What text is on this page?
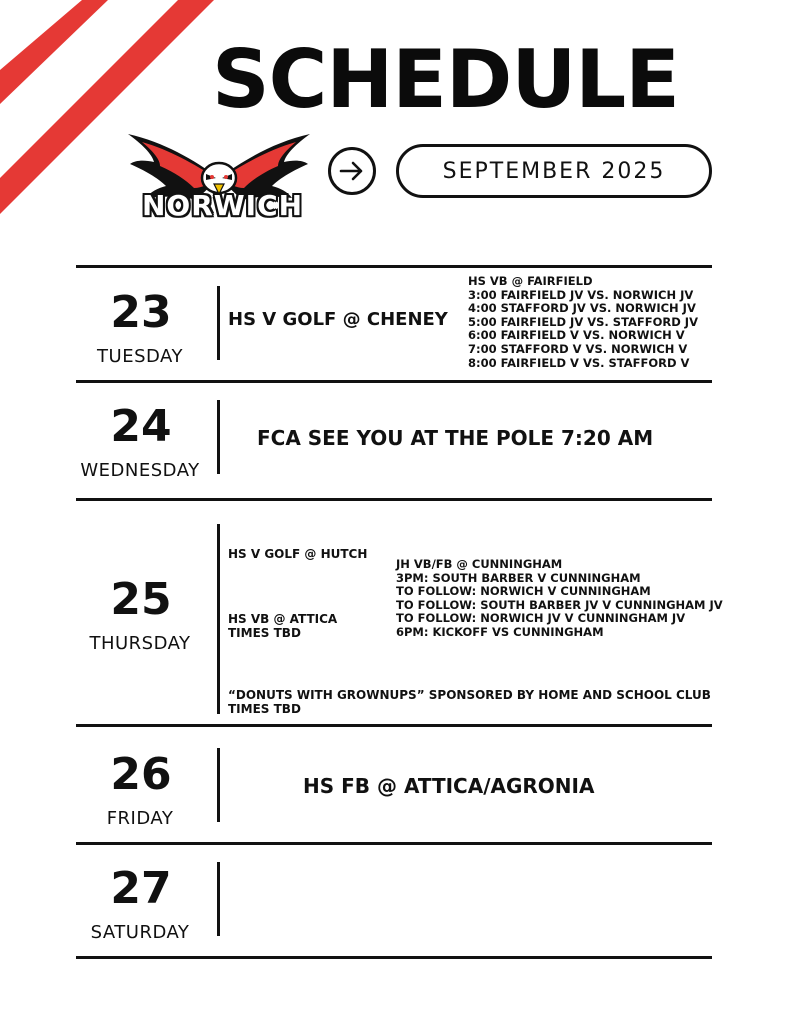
SCHEDULE
NORWICH
SEPTEMBER 2025
23
TUESDAY
HS V GOLF @ CHENEY
HS VB @ FAIRFIELD
3:00 FAIRFIELD JV VS. NORWICH JV
4:00 STAFFORD JV VS. NORWICH JV
5:00 FAIRFIELD JV VS. STAFFORD JV
6:00 FAIRFIELD V VS. NORWICH V
7:00 STAFFORD V VS. NORWICH V
8:00 FAIRFIELD V VS. STAFFORD V
24
WEDNESDAY
FCA SEE YOU AT THE POLE 7:20 AM
25
THURSDAY
HS V GOLF @ HUTCH
HS VB @ ATTICA
TIMES TBD
JH VB/FB @ CUNNINGHAM
3PM: SOUTH BARBER V CUNNINGHAM
TO FOLLOW: NORWICH V CUNNINGHAM
TO FOLLOW: SOUTH BARBER JV V CUNNINGHAM JV
TO FOLLOW: NORWICH JV V CUNNINGHAM JV
6PM: KICKOFF VS CUNNINGHAM
“DONUTS WITH GROWNUPS” SPONSORED BY HOME AND SCHOOL CLUB
TIMES TBD
26
FRIDAY
HS FB @ ATTICA/AGRONIA
27
SATURDAY
